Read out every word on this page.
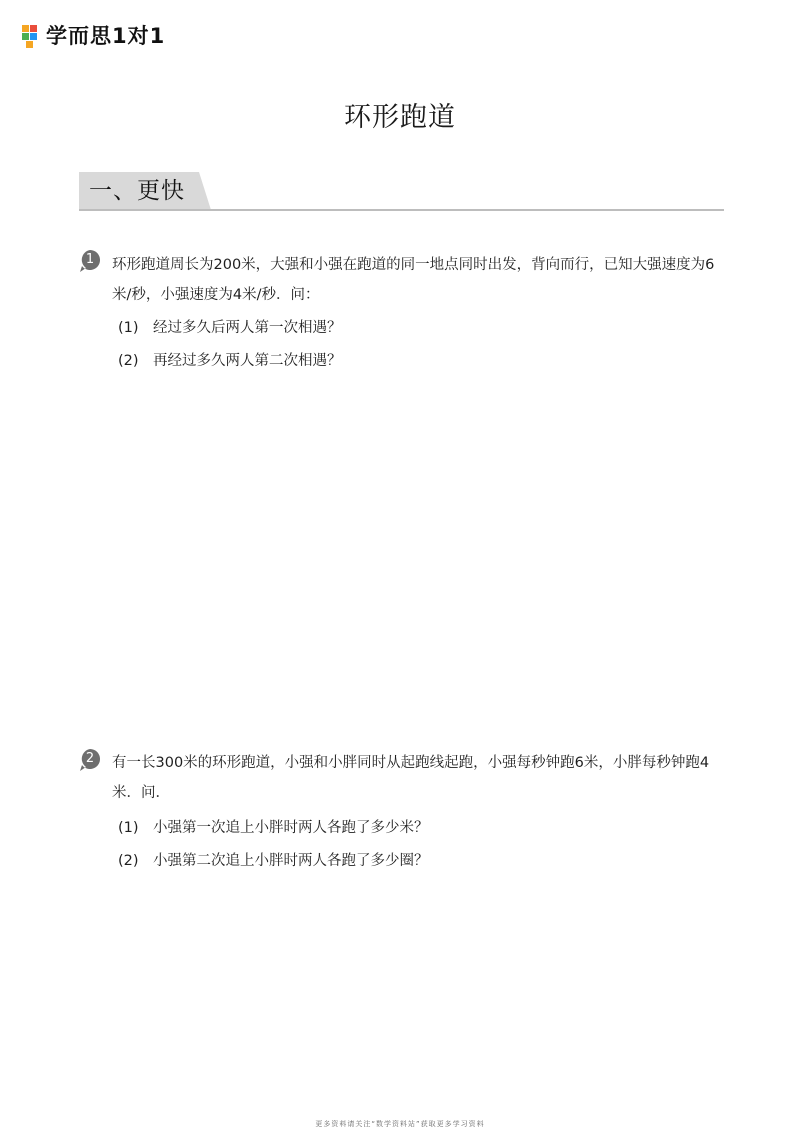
学而思1对1
环形跑道
一、更快
1	环形跑道周长为200米，大强和小强在跑道的同一地点同时出发，背向而行，已知大强速度为6米/秒，小强速度为4米/秒．问：
(1)　经过多久后两人第一次相遇？
(2)　再经过多久两人第二次相遇？
2	有一长300米的环形跑道，小强和小胖同时从起跑线起跑，小强每秒钟跑6米，小胖每秒钟跑4米．问．
(1)　小强第一次追上小胖时两人各跑了多少米？
(2)　小强第二次追上小胖时两人各跑了多少圈？
更多资料请关注“数学资料站”获取更多学习资料
